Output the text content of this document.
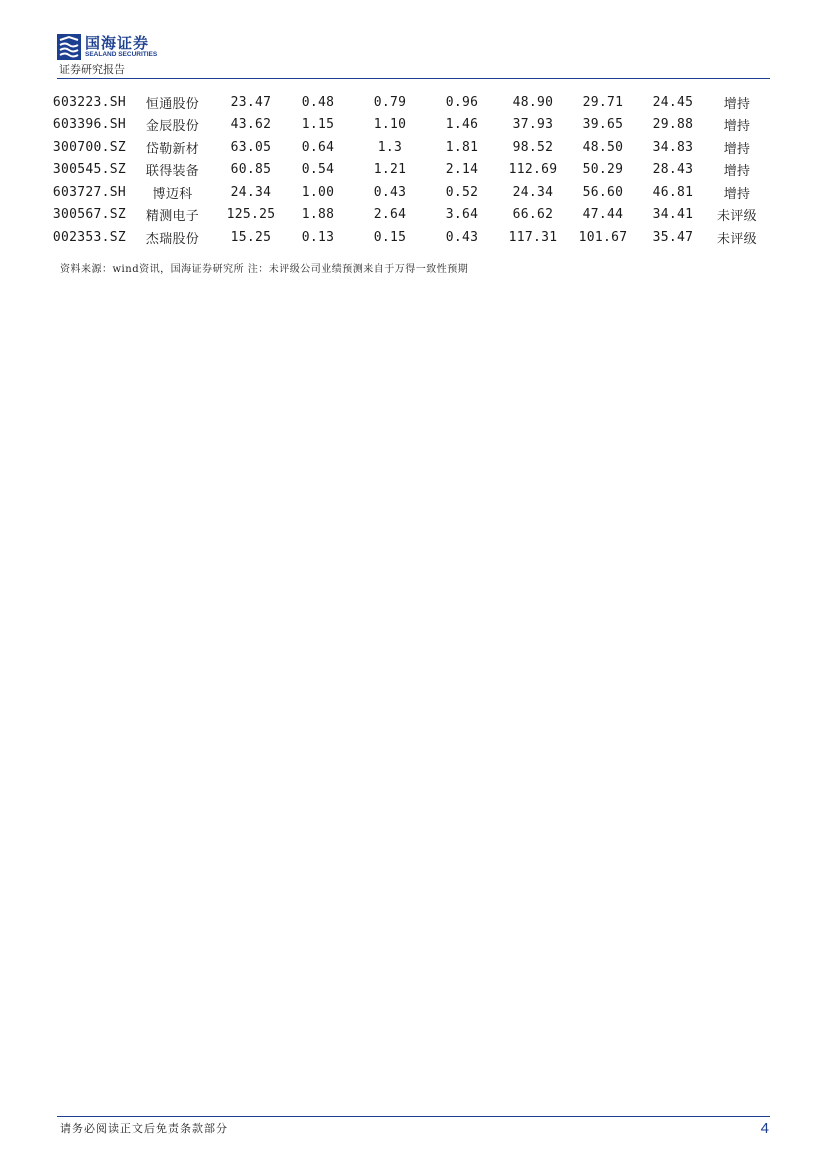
国海证券
SEALAND SECURITIES
证券研究报告
603223.SH	恒通股份	23.47	0.48	0.79	0.96	48.90	29.71	24.45	增持
603396.SH	金辰股份	43.62	1.15	1.10	1.46	37.93	39.65	29.88	增持
300700.SZ	岱勒新材	63.05	0.64	1.3	1.81	98.52	48.50	34.83	增持
300545.SZ	联得装备	60.85	0.54	1.21	2.14	112.69	50.29	28.43	增持
603727.SH	博迈科	24.34	1.00	0.43	0.52	24.34	56.60	46.81	增持
300567.SZ	精测电子	125.25	1.88	2.64	3.64	66.62	47.44	34.41	未评级
002353.SZ	杰瑞股份	15.25	0.13	0.15	0.43	117.31	101.67	35.47	未评级
资料来源：wind资讯，国海证券研究所 注：未评级公司业绩预测来自于万得一致性预期
请务必阅读正文后免责条款部分	4
